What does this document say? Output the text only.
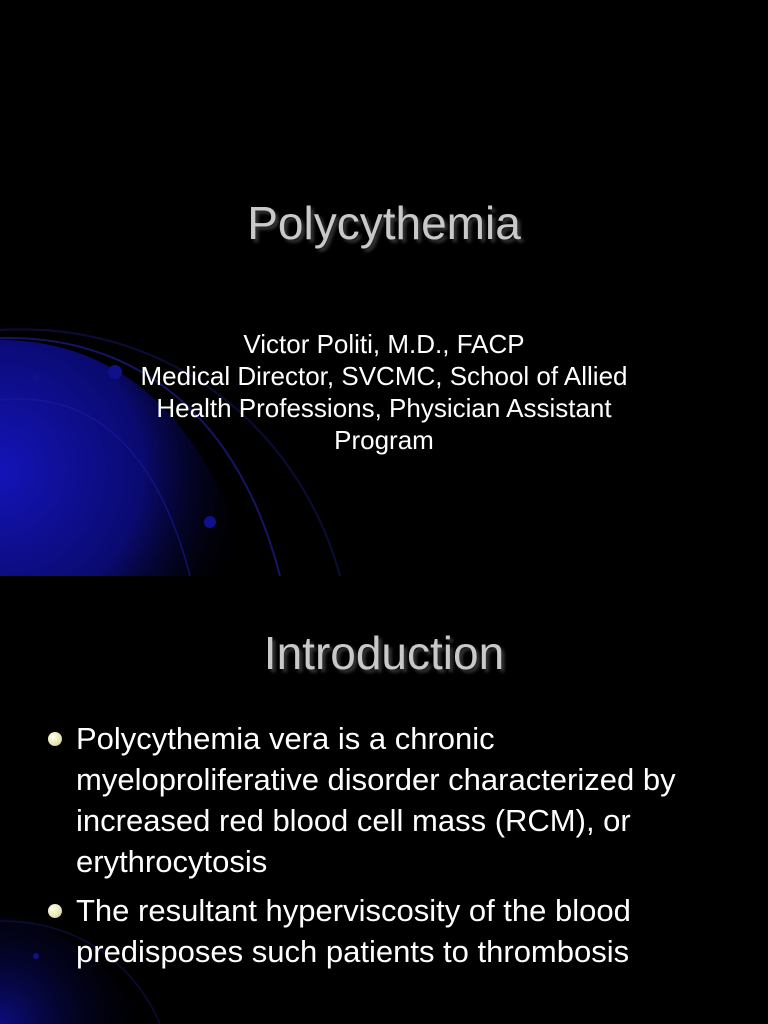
Polycythemia
Victor Politi, M.D., FACP
Medical Director, SVCMC, School of Allied Health Professions, Physician Assistant Program
Introduction
Polycythemia vera is a chronic myeloproliferative disorder characterized by increased red blood cell mass (RCM), or erythrocytosis
The resultant hyperviscosity of the blood predisposes such patients to thrombosis
